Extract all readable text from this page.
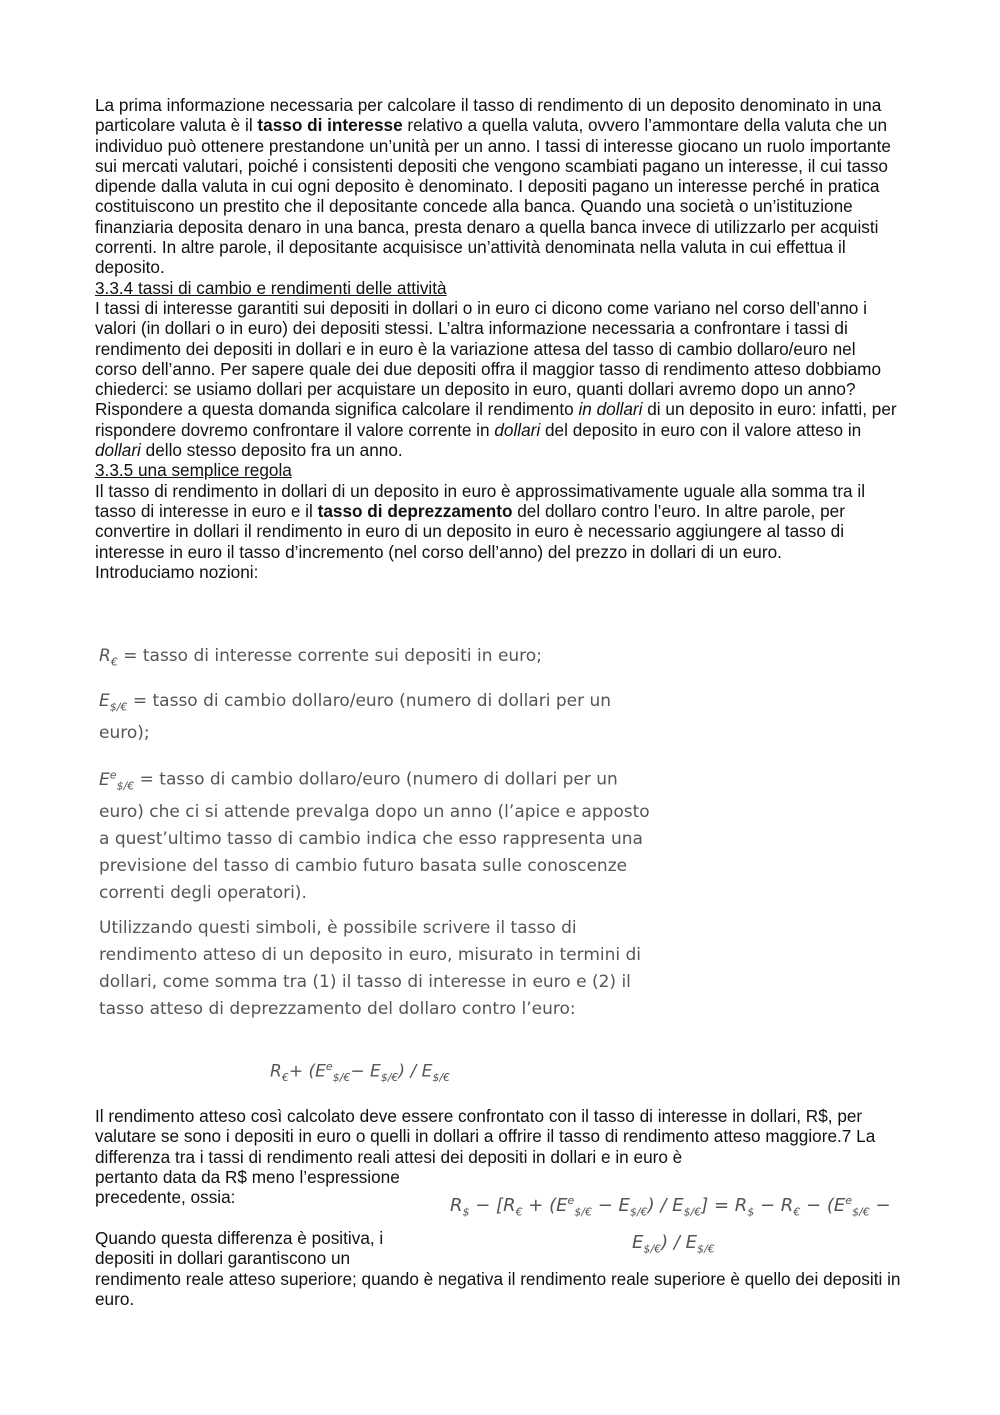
La prima informazione necessaria per calcolare il tasso di rendimento di un deposito denominato in una particolare valuta è il tasso di interesse relativo a quella valuta, ovvero l’ammontare della valuta che un individuo può ottenere prestandone un’unità per un anno. I tassi di interesse giocano un ruolo importante sui mercati valutari, poiché i consistenti depositi che vengono scambiati pagano un interesse, il cui tasso dipende dalla valuta in cui ogni deposito è denominato. I depositi pagano un interesse perché in pratica costituiscono un prestito che il depositante concede alla banca. Quando una società o un’istituzione finanziaria deposita denaro in una banca, presta denaro a quella banca invece di utilizzarlo per acquisti correnti. In altre parole, il depositante acquisisce un’attività denominata nella valuta in cui effettua il deposito.
3.3.4 tassi di cambio e rendimenti delle attività
I tassi di interesse garantiti sui depositi in dollari o in euro ci dicono come variano nel corso dell’anno i valori (in dollari o in euro) dei depositi stessi. L’altra informazione necessaria a confrontare i tassi di rendimento dei depositi in dollari e in euro è la variazione attesa del tasso di cambio dollaro/euro nel corso dell’anno. Per sapere quale dei due depositi offra il maggior tasso di rendimento atteso dobbiamo chiederci: se usiamo dollari per acquistare un deposito in euro, quanti dollari avremo dopo un anno? Rispondere a questa domanda significa calcolare il rendimento in dollari di un deposito in euro: infatti, per rispondere dovremo confrontare il valore corrente in dollari del deposito in euro con il valore atteso in dollari dello stesso deposito fra un anno.
3.3.5 una semplice regola
Il tasso di rendimento in dollari di un deposito in euro è approssimativamente uguale alla somma tra il tasso di interesse in euro e il tasso di deprezzamento del dollaro contro l’euro. In altre parole, per convertire in dollari il rendimento in euro di un deposito in euro è necessario aggiungere al tasso di interesse in euro il tasso d’incremento (nel corso dell’anno) del prezzo in dollari di un euro.
Introduciamo nozioni:
$R_€$ = tasso di interesse corrente sui depositi in euro;
$E_{\$/€}$ = tasso di cambio dollaro/euro (numero di dollari per un
euro);
$E^e_{\$/€}$ = tasso di cambio dollaro/euro (numero di dollari per un
euro) che ci si attende prevalga dopo un anno (l’apice e apposto
a quest’ultimo tasso di cambio indica che esso rappresenta una
previsione del tasso di cambio futuro basata sulle conoscenze
correnti degli operatori).
Utilizzando questi simboli, è possibile scrivere il tasso di
rendimento atteso di un deposito in euro, misurato in termini di
dollari, come somma tra (1) il tasso di interesse in euro e (2) il
tasso atteso di deprezzamento del dollaro contro l’euro:
$R_€+ (E^e_{\$/€}- E_{\$/€}) / E_{\$/€}$
Il rendimento atteso così calcolato deve essere confrontato con il tasso di interesse in dollari, R$, per valutare se sono i depositi in euro o quelli in dollari a offrire il tasso di rendimento atteso maggiore.7 La differenza tra i tassi di rendimento reali attesi dei depositi in dollari e in euro è
pertanto data da R$ meno l’espressione
precedente, ossia:	$R_{\$} - [R_€ + (E^e_{\$/€} - E_{\$/€}) / E_{\$/€}] = R_{\$} - R_€ - (E^e_{\$/€}$ −
$E_{\$/€}) / E_{\$/€}$
Quando questa differenza è positiva, i
depositi in dollari garantiscono un
rendimento reale atteso superiore; quando è negativa il rendimento reale superiore è quello dei depositi in euro.
